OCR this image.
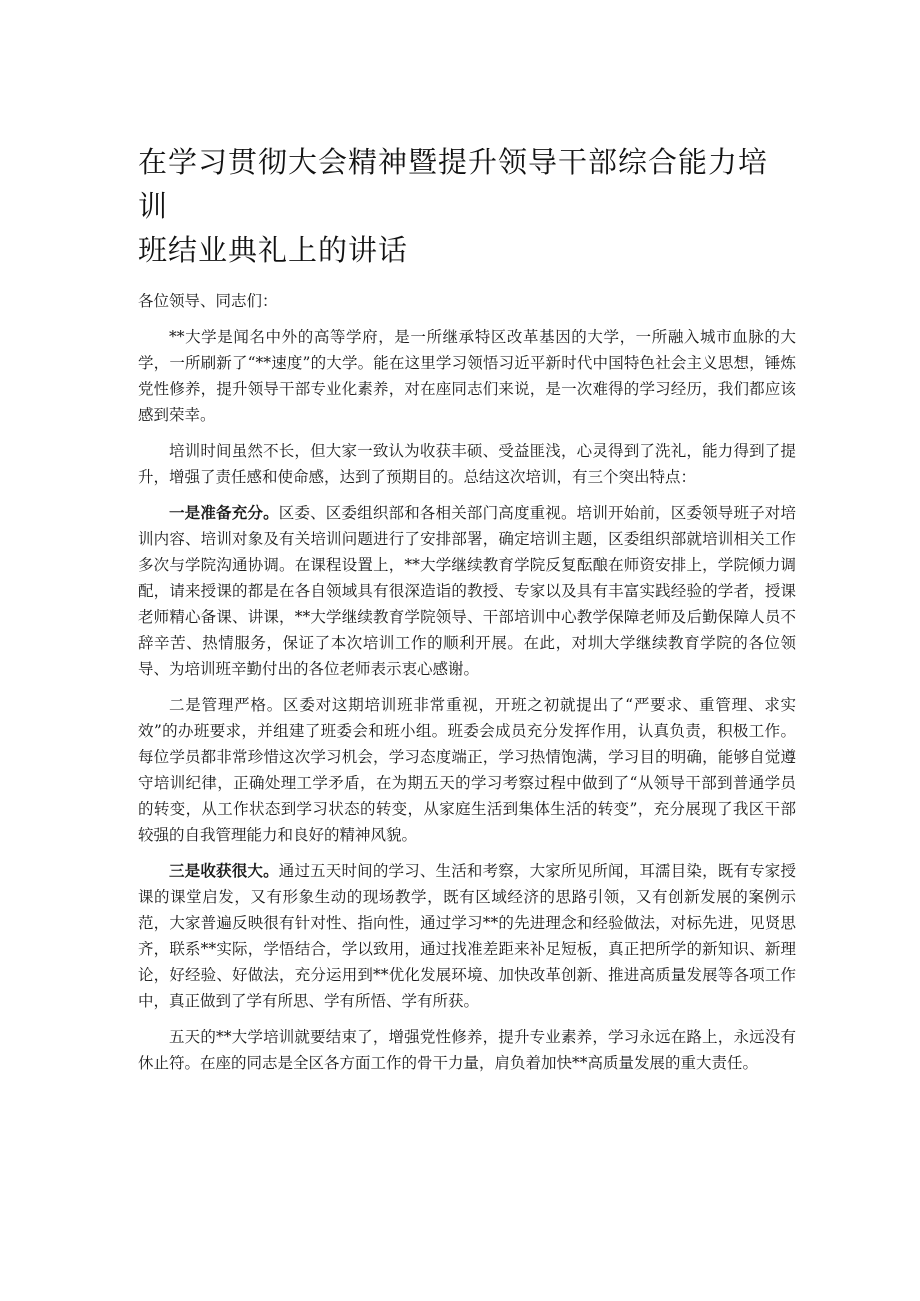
在学习贯彻大会精神暨提升领导干部综合能力培训
班结业典礼上的讲话

各位领导、同志们：

**大学是闻名中外的高等学府，是一所继承特区改革基因的大学，一所融入城市血脉的大学，一所刷新了“**速度”的大学。能在这里学习领悟习近平新时代中国特色社会主义思想，锤炼党性修养，提升领导干部专业化素养，对在座同志们来说，是一次难得的学习经历，我们都应该感到荣幸。

培训时间虽然不长，但大家一致认为收获丰硕、受益匪浅，心灵得到了洗礼，能力得到了提升，增强了责任感和使命感，达到了预期目的。总结这次培训，有三个突出特点：

一是准备充分。区委、区委组织部和各相关部门高度重视。培训开始前，区委领导班子对培训内容、培训对象及有关培训问题进行了安排部署，确定培训主题，区委组织部就培训相关工作多次与学院沟通协调。在课程设置上，**大学继续教育学院反复酝酿在师资安排上，学院倾力调配，请来授课的都是在各自领域具有很深造诣的教授、专家以及具有丰富实践经验的学者，授课老师精心备课、讲课，**大学继续教育学院领导、干部培训中心教学保障老师及后勤保障人员不辞辛苦、热情服务，保证了本次培训工作的顺利开展。在此，对圳大学继续教育学院的各位领导、为培训班辛勤付出的各位老师表示衷心感谢。

二是管理严格。区委对这期培训班非常重视，开班之初就提出了“严要求、重管理、求实效”的办班要求，并组建了班委会和班小组。班委会成员充分发挥作用，认真负责，积极工作。每位学员都非常珍惜这次学习机会，学习态度端正，学习热情饱满，学习目的明确，能够自觉遵守培训纪律，正确处理工学矛盾，在为期五天的学习考察过程中做到了“从领导干部到普通学员的转变，从工作状态到学习状态的转变，从家庭生活到集体生活的转变”，充分展现了我区干部较强的自我管理能力和良好的精神风貌。

三是收获很大。通过五天时间的学习、生活和考察，大家所见所闻，耳濡目染，既有专家授课的课堂启发，又有形象生动的现场教学，既有区域经济的思路引领，又有创新发展的案例示范，大家普遍反映很有针对性、指向性，通过学习**的先进理念和经验做法，对标先进，见贤思齐，联系**实际，学悟结合，学以致用，通过找准差距来补足短板，真正把所学的新知识、新理论，好经验、好做法，充分运用到**优化发展环境、加快改革创新、推进高质量发展等各项工作中，真正做到了学有所思、学有所悟、学有所获。

五天的**大学培训就要结束了，增强党性修养，提升专业素养，学习永远在路上，永远没有休止符。在座的同志是全区各方面工作的骨干力量，肩负着加快**高质量发展的重大责任。
